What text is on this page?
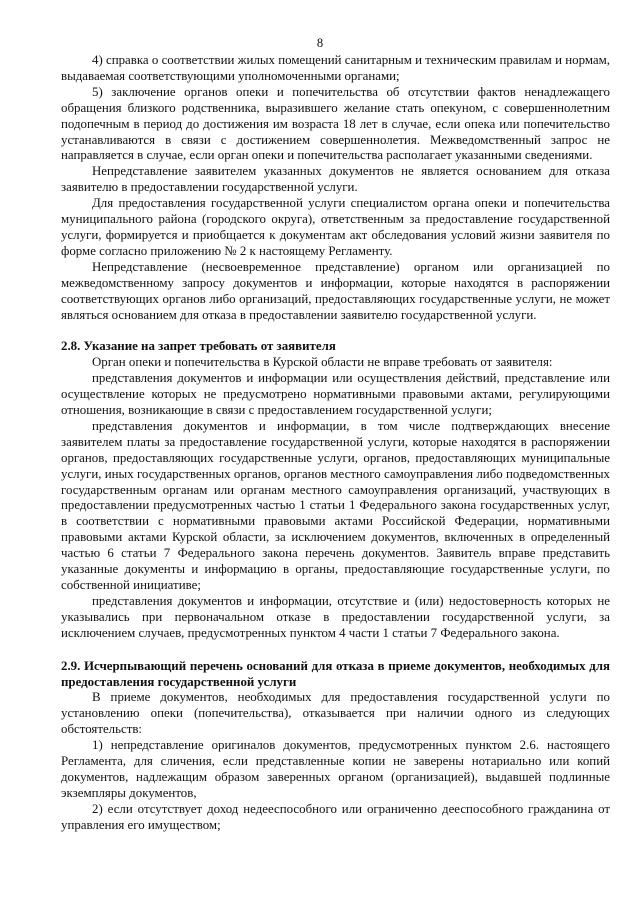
8

4) справка о соответствии жилых помещений санитарным и техническим правилам и нормам, выдаваемая соответствующими уполномоченными органами;

5) заключение органов опеки и попечительства об отсутствии фактов ненадлежащего обращения близкого родственника, выразившего желание стать опекуном, с совершеннолетним подопечным в период до достижения им возраста 18 лет в случае, если опека или попечительство устанавливаются в связи с достижением совершеннолетия. Межведомственный запрос не направляется в случае, если орган опеки и попечительства располагает указанными сведениями.

Непредставление заявителем указанных документов не является основанием для отказа заявителю в предоставлении государственной услуги.

Для предоставления государственной услуги специалистом органа опеки и попечительства муниципального района (городского округа), ответственным за предоставление государственной услуги, формируется и приобщается к документам акт обследования условий жизни заявителя по форме согласно приложению № 2 к настоящему Регламенту.

Непредставление (несвоевременное представление) органом или организацией по межведомственному запросу документов и информации, которые находятся в распоряжении соответствующих органов либо организаций, предоставляющих государственные услуги, не может являться основанием для отказа в предоставлении заявителю государственной услуги.

2.8. Указание на запрет требовать от заявителя

Орган опеки и попечительства в Курской области не вправе требовать от заявителя:

представления документов и информации или осуществления действий, представление или осуществление которых не предусмотрено нормативными правовыми актами, регулирующими отношения, возникающие в связи с предоставлением государственной услуги;

представления документов и информации, в том числе подтверждающих внесение заявителем платы за предоставление государственной услуги, которые находятся в распоряжении органов, предоставляющих государственные услуги, органов, предоставляющих муниципальные услуги, иных государственных органов, органов местного самоуправления либо подведомственных государственным органам или органам местного самоуправления организаций, участвующих в предоставлении предусмотренных частью 1 статьи 1 Федерального закона государственных услуг, в соответствии с нормативными правовыми актами Российской Федерации, нормативными правовыми актами Курской области, за исключением документов, включенных в определенный частью 6 статьи 7 Федерального закона перечень документов. Заявитель вправе представить указанные документы и информацию в органы, предоставляющие государственные услуги, по собственной инициативе;

представления документов и информации, отсутствие и (или) недостоверность которых не указывались при первоначальном отказе в предоставлении государственной услуги, за исключением случаев, предусмотренных пунктом 4 части 1 статьи 7 Федерального закона.

2.9. Исчерпывающий перечень оснований для отказа в приеме документов, необходимых для предоставления государственной услуги

В приеме документов, необходимых для предоставления государственной услуги по установлению опеки (попечительства), отказывается при наличии одного из следующих обстоятельств:

1) непредставление оригиналов документов, предусмотренных пунктом 2.6. настоящего Регламента, для сличения, если представленные копии не заверены нотариально или копий документов, надлежащим образом заверенных органом (организацией), выдавшей подлинные экземпляры документов,

2) если отсутствует доход недееспособного или ограниченно дееспособного гражданина от управления его имуществом;
